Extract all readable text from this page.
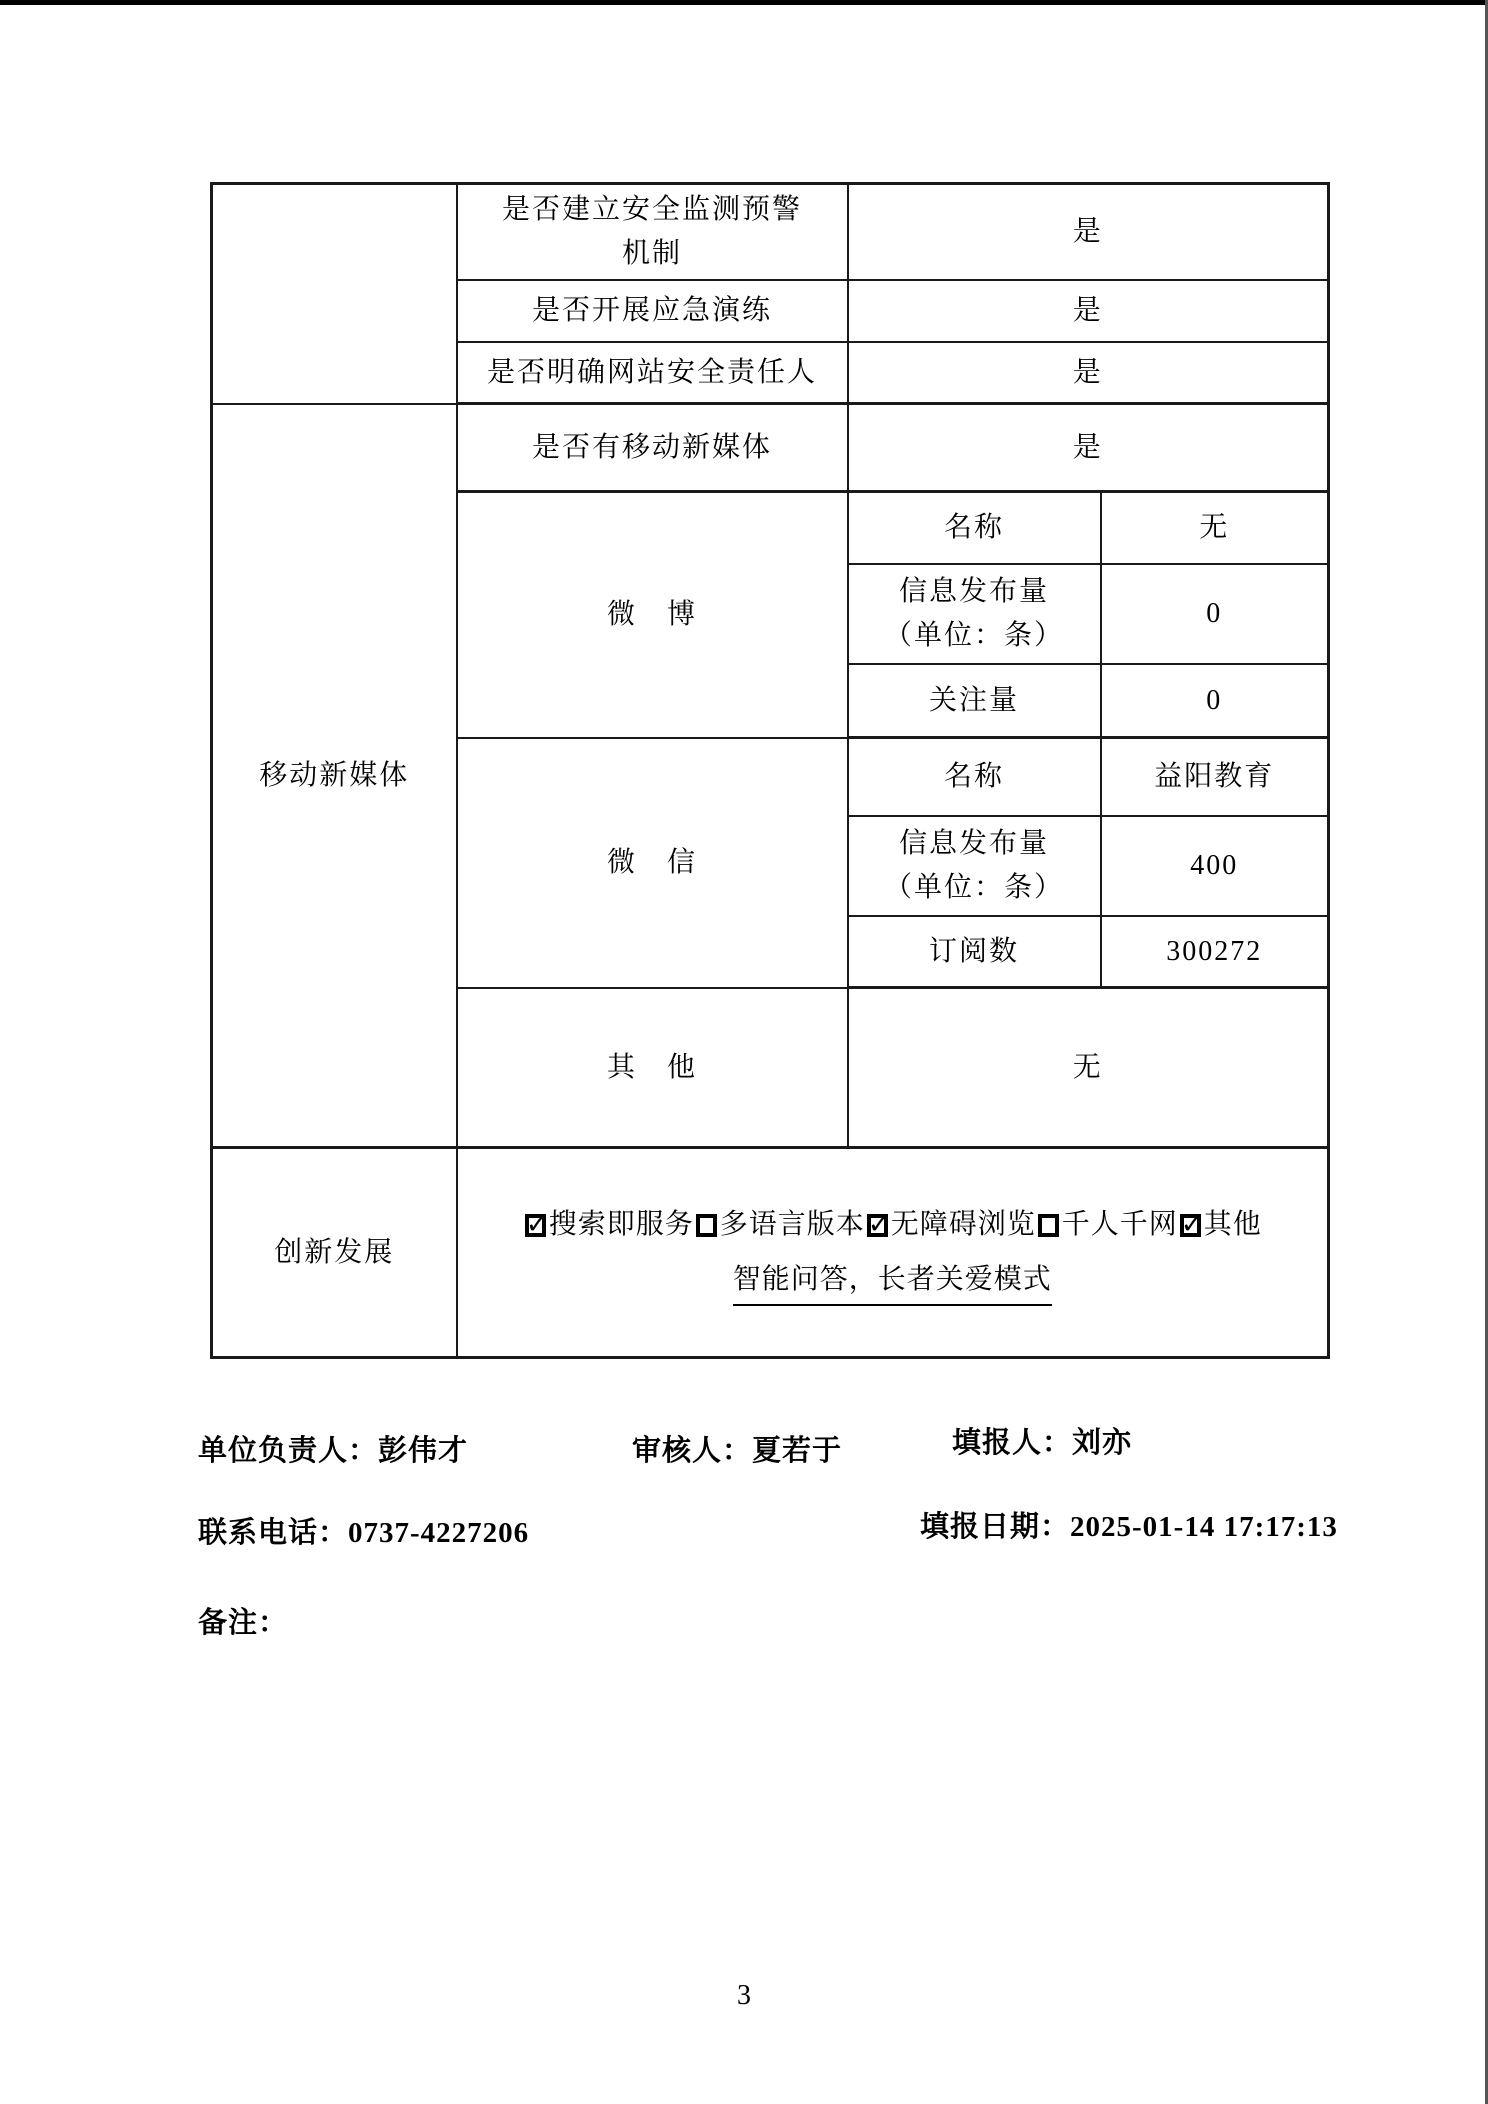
	是否建立安全监测预警
机制	是	
	是否开展应急演练	是	
	是否明确网站安全责任人	是	
移动新媒体	是否有移动新媒体	是	
	微　博	名称	无

		信息发布量
（单位：条）	0
		关注量	0
	微　信	名称	益阳教育

		信息发布量
（单位：条）	400
		订阅数	300272
	其　他	无	
创新发展	
✓ 搜索即服务 多语言版本 ✓ 无障碍浏览 千人千网 ✓ 其他
智能问答，长者关爱模式
单位负责人：彭伟才	审核人：夏若于	填报人：刘亦
联系电话：0737-4227206	填报日期：2025-01-14 17:17:13
备注：
3
